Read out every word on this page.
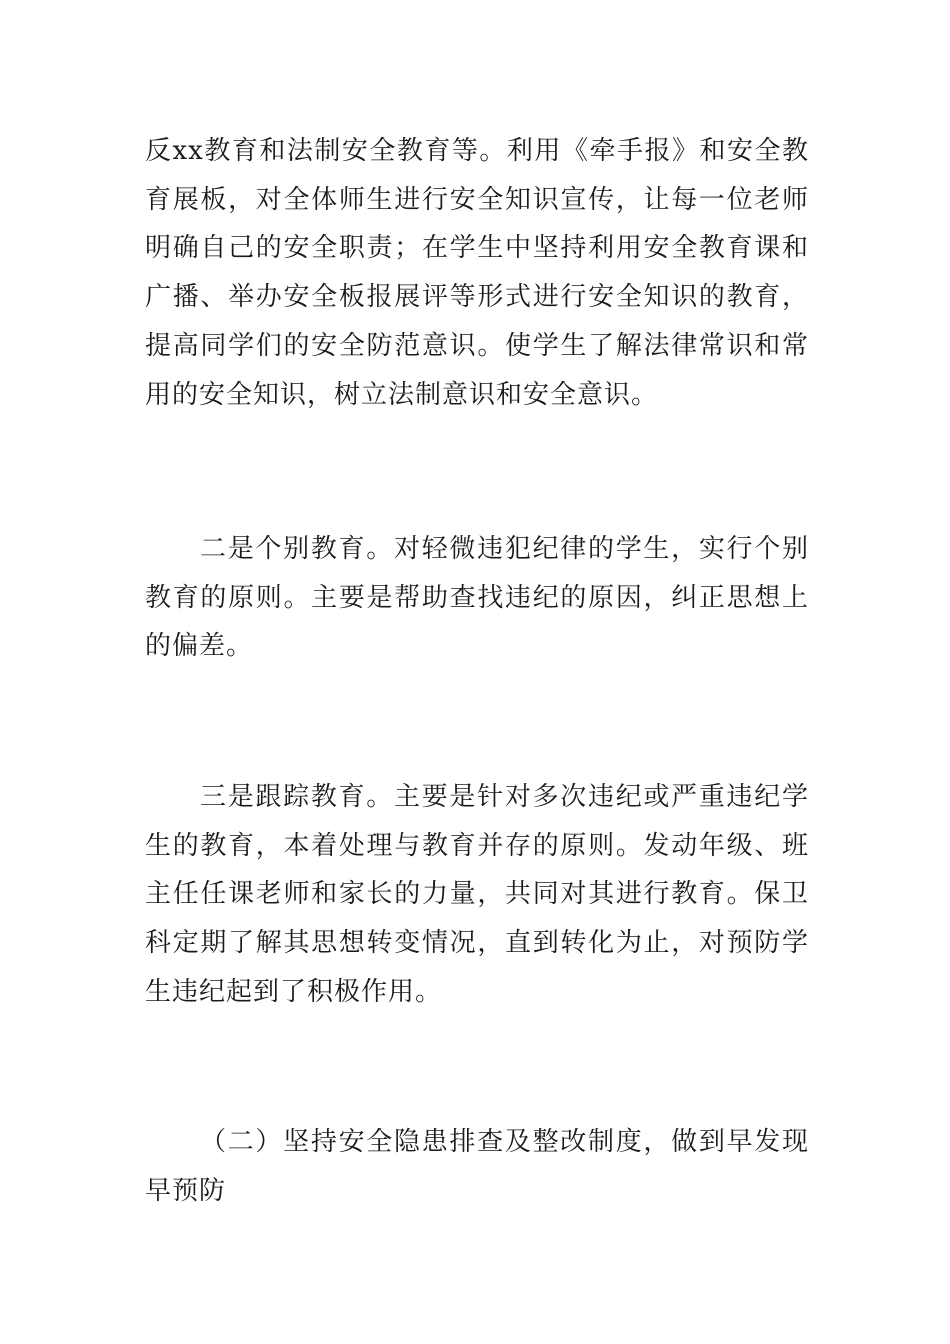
反xx教育和法制安全教育等。利用《牵手报》和安全教育展板，对全体师生进行安全知识宣传，让每一位老师明确自己的安全职责；在学生中坚持利用安全教育课和广播、举办安全板报展评等形式进行安全知识的教育，提高同学们的安全防范意识。使学生了解法律常识和常用的安全知识，树立法制意识和安全意识。

二是个别教育。对轻微违犯纪律的学生，实行个别教育的原则。主要是帮助查找违纪的原因，纠正思想上的偏差。

三是跟踪教育。主要是针对多次违纪或严重违纪学生的教育，本着处理与教育并存的原则。发动年级、班主任任课老师和家长的力量，共同对其进行教育。保卫科定期了解其思想转变情况，直到转化为止，对预防学生违纪起到了积极作用。

（二）坚持安全隐患排查及整改制度，做到早发现早预防
